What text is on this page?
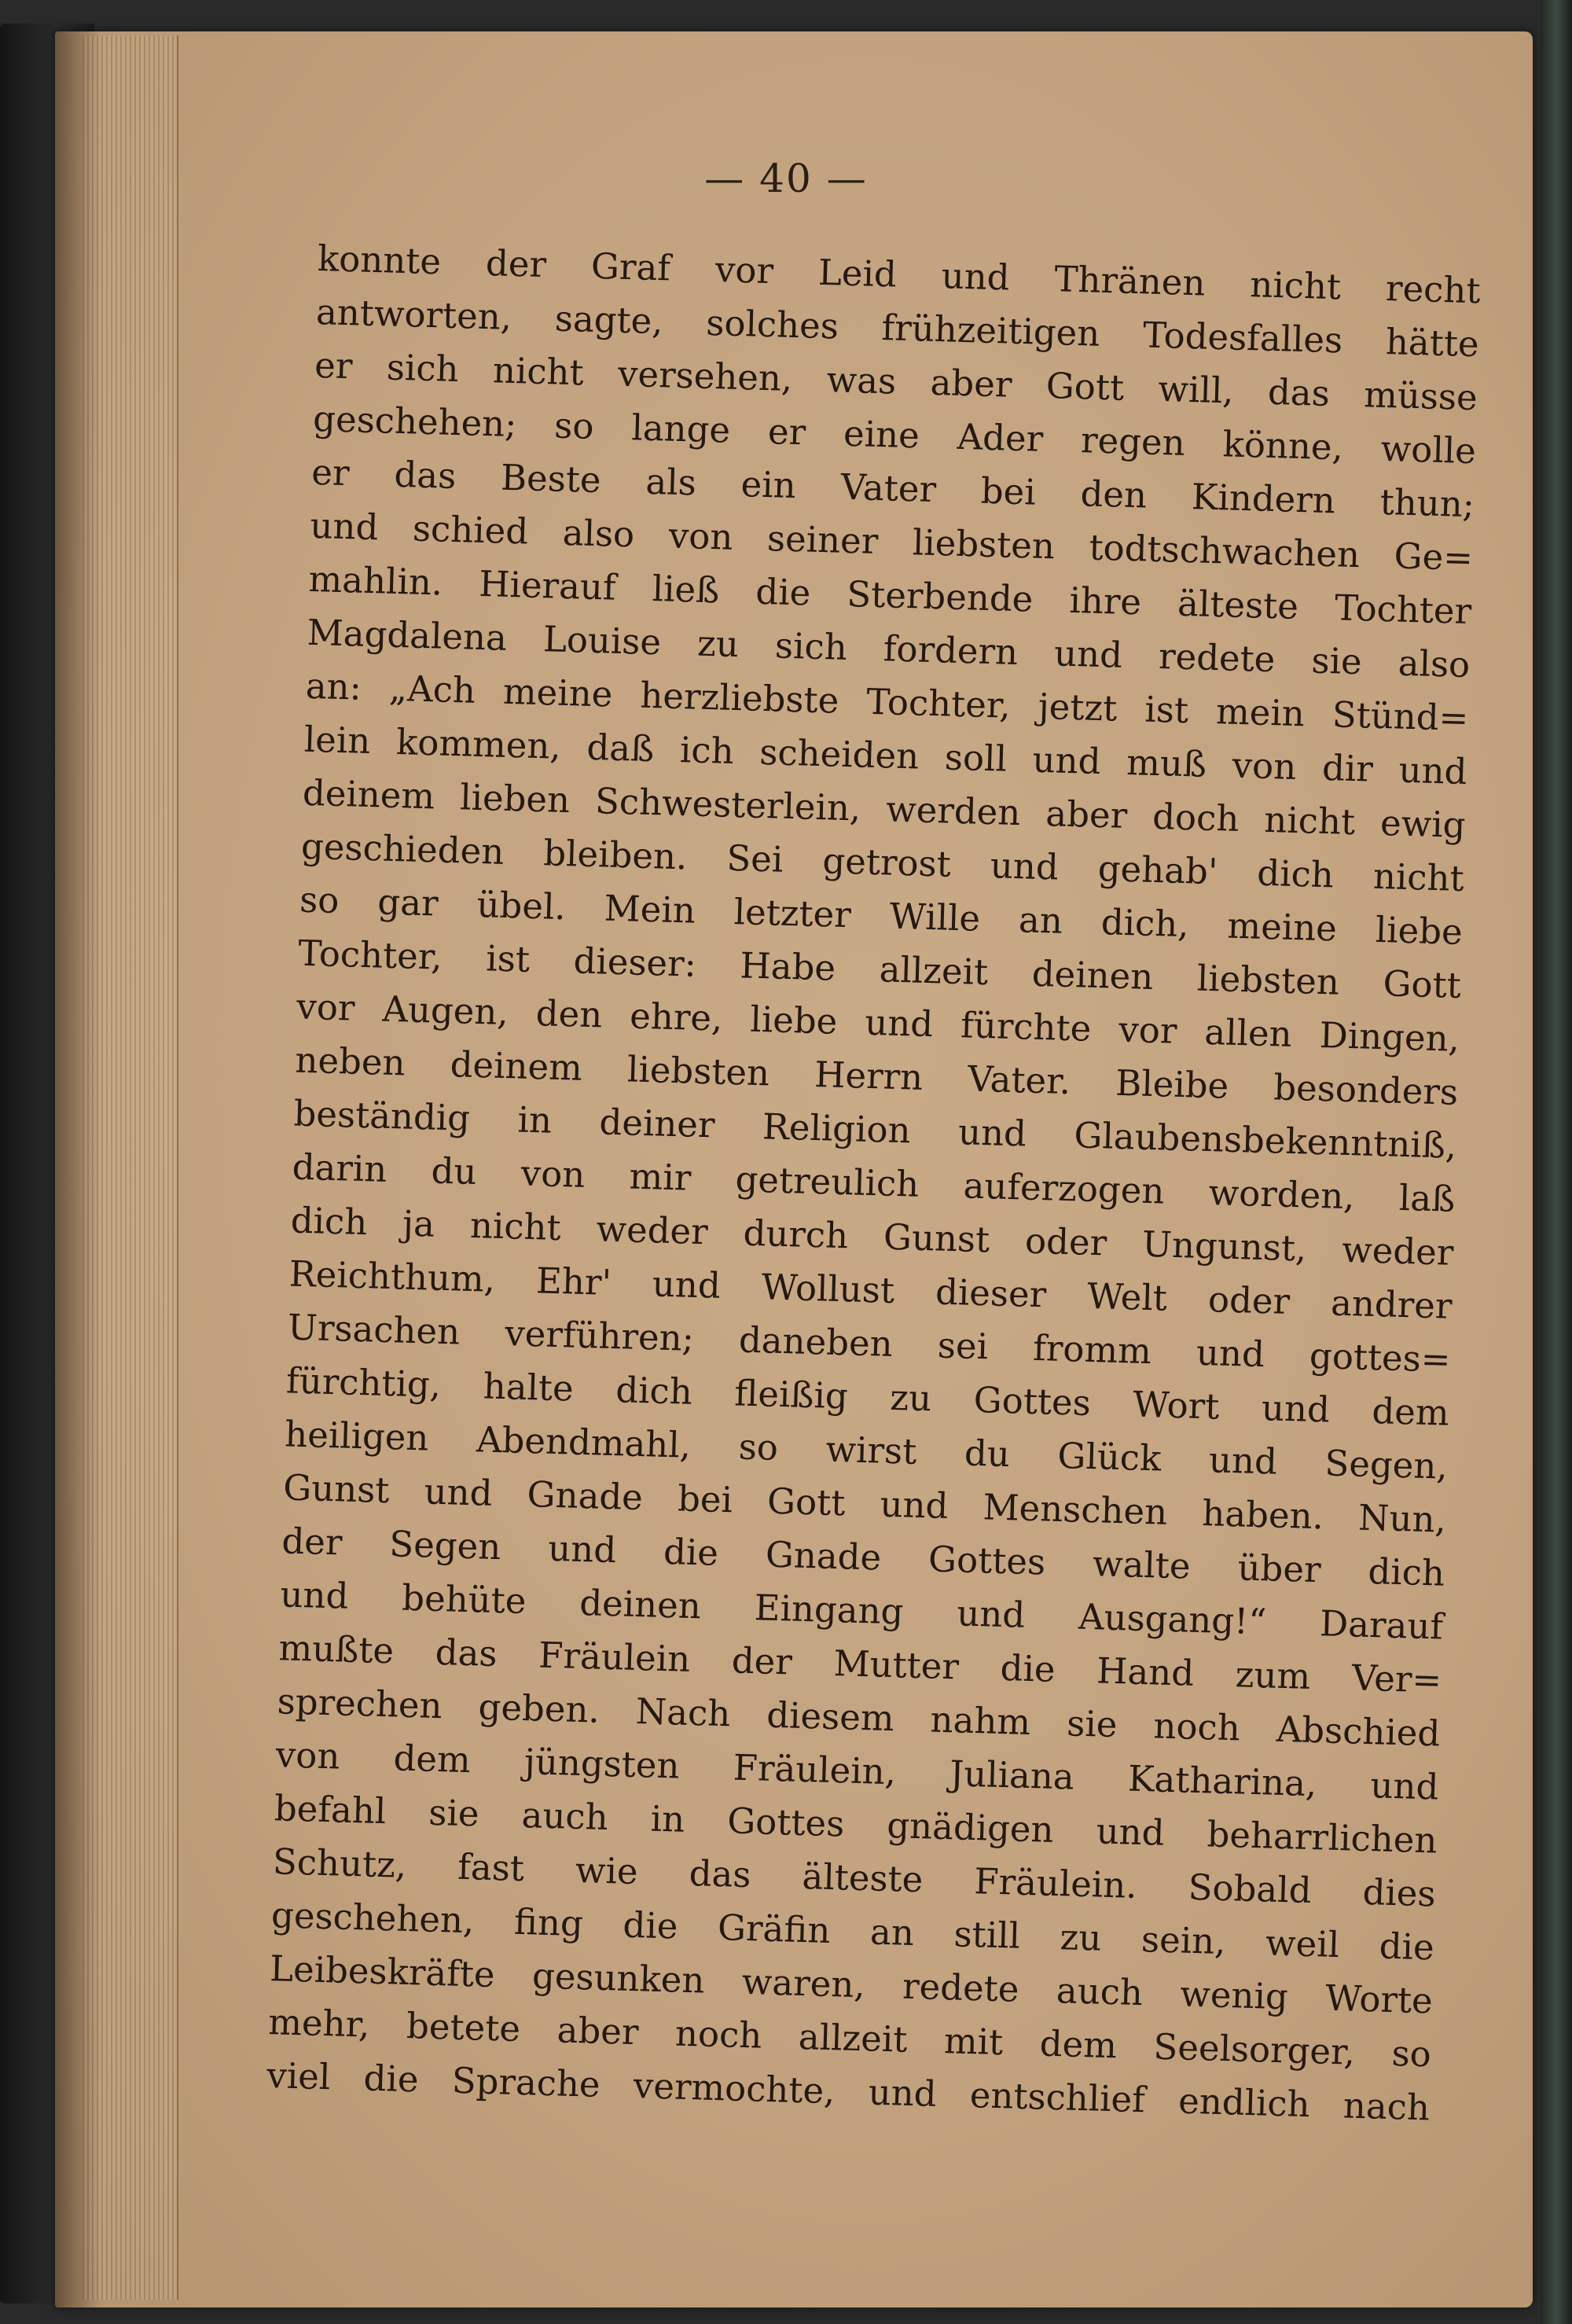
— 40 —
konnte der Graf vor Leid und Thränen nicht recht
antworten, sagte, solches frühzeitigen Todesfalles hätte
er sich nicht versehen, was aber Gott will, das müsse
geschehen; so lange er eine Ader regen könne, wolle
er das Beste als ein Vater bei den Kindern thun;
und schied also von seiner liebsten todtschwachen Ge=
mahlin. Hierauf ließ die Sterbende ihre älteste Tochter
Magdalena Louise zu sich fordern und redete sie also
an: „Ach meine herzliebste Tochter, jetzt ist mein Stünd=
lein kommen, daß ich scheiden soll und muß von dir und
deinem lieben Schwesterlein, werden aber doch nicht ewig
geschieden bleiben. Sei getrost und gehab' dich nicht
so gar übel. Mein letzter Wille an dich, meine liebe
Tochter, ist dieser: Habe allzeit deinen liebsten Gott
vor Augen, den ehre, liebe und fürchte vor allen Dingen,
neben deinem liebsten Herrn Vater. Bleibe besonders
beständig in deiner Religion und Glaubensbekenntniß,
darin du von mir getreulich auferzogen worden, laß
dich ja nicht weder durch Gunst oder Ungunst, weder
Reichthum, Ehr' und Wollust dieser Welt oder andrer
Ursachen verführen; daneben sei fromm und gottes=
fürchtig, halte dich fleißig zu Gottes Wort und dem
heiligen Abendmahl, so wirst du Glück und Segen,
Gunst und Gnade bei Gott und Menschen haben. Nun,
der Segen und die Gnade Gottes walte über dich
und behüte deinen Eingang und Ausgang!“ Darauf
mußte das Fräulein der Mutter die Hand zum Ver=
sprechen geben. Nach diesem nahm sie noch Abschied
von dem jüngsten Fräulein, Juliana Katharina, und
befahl sie auch in Gottes gnädigen und beharrlichen
Schutz, fast wie das älteste Fräulein. Sobald dies
geschehen, fing die Gräfin an still zu sein, weil die
Leibeskräfte gesunken waren, redete auch wenig Worte
mehr, betete aber noch allzeit mit dem Seelsorger, so
viel die Sprache vermochte, und entschlief endlich nach
